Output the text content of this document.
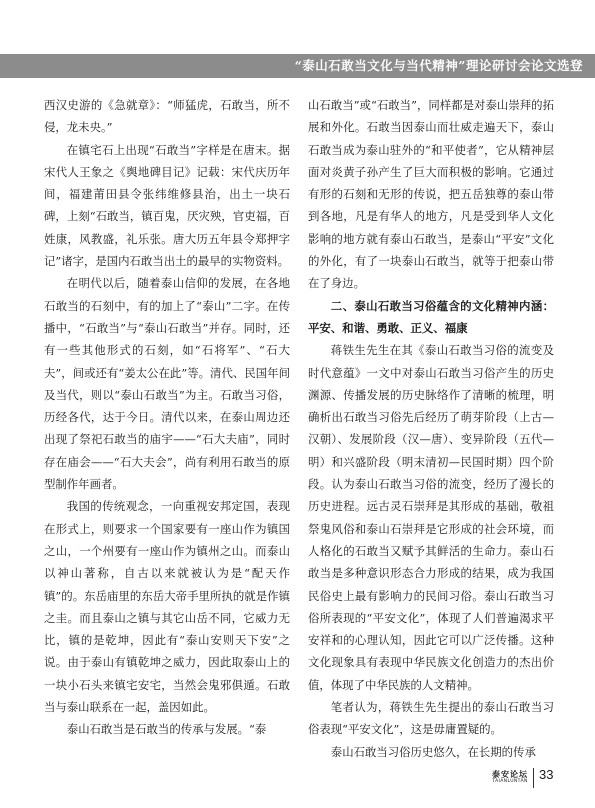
“泰山石敢当文化与当代精神”理论研讨会论文选登

西汉史游的《急就章》：“师猛虎，石敢当，所不侵，龙未央。”

在镇宅石上出现“石敢当”字样是在唐末。据宋代人王象之《舆地碑目记》记载：宋代庆历年间，福建莆田县令张纬维修县治，出土一块石碑，上刻“石敢当，镇百鬼，厌灾殃，官吏福，百姓康，风教盛，礼乐张。唐大历五年县令郑押字记”诸字，是国内石敢当出土的最早的实物资料。

在明代以后，随着泰山信仰的发展，在各地石敢当的石刻中，有的加上了“泰山”二字。在传播中，“石敢当”与“泰山石敢当”并存。同时，还有一些其他形式的石刻，如“石将军”、“石大夫”，间或还有“姜太公在此”等。清代、民国年间及当代，则以“泰山石敢当”为主。石敢当习俗，历经各代，达于今日。清代以来，在泰山周边还出现了祭祀石敢当的庙宇——“石大夫庙”，同时存在庙会——“石大夫会”，尚有利用石敢当的原型制作年画者。

我国的传统观念，一向重视安邦定国，表现在形式上，则要求一个国家要有一座山作为镇国之山，一个州要有一座山作为镇州之山。而泰山以神山著称，自古以来就被认为是“配天作镇”的。东岳庙里的东岳大帝手里所执的就是作镇之圭。而且泰山之镇与其它山岳不同，它威力无比，镇的是乾坤，因此有“泰山安则天下安”之说。由于泰山有镇乾坤之威力，因此取泰山上的一块小石头来镇宅安宅，当然会鬼邪俱遁。石敢当与泰山联系在一起，盖因如此。

泰山石敢当是石敢当的传承与发展。“泰

山石敢当”或“石敢当”，同样都是对泰山崇拜的拓展和外化。石敢当因泰山而壮威走遍天下，泰山石敢当成为泰山驻外的“和平使者”，它从精神层面对炎黄子孙产生了巨大而积极的影响。它通过有形的石刻和无形的传说，把五岳独尊的泰山带到各地，凡是有华人的地方，凡是受到华人文化影响的地方就有泰山石敢当，是泰山“平安”文化的外化，有了一块泰山石敢当，就等于把泰山带在了身边。

二、泰山石敢当习俗蕴含的文化精神内涵：平安、和谐、勇敢、正义、福康

蒋铁生先生在其《泰山石敢当习俗的流变及时代意蕴》一文中对泰山石敢当习俗产生的历史渊源、传播发展的历史脉络作了清晰的梳理，明确析出石敢当习俗先后经历了萌芽阶段（上古—汉朝）、发展阶段（汉—唐）、变异阶段（五代—明）和兴盛阶段（明末清初—民国时期）四个阶段。认为泰山石敢当习俗的流变，经历了漫长的历史进程。远古灵石崇拜是其形成的基础，敬祖祭鬼风俗和泰山石崇拜是它形成的社会环境，而人格化的石敢当又赋予其鲜活的生命力。泰山石敢当是多种意识形态合力形成的结果，成为我国民俗史上最有影响力的民间习俗。泰山石敢当习俗所表现的“平安文化”，体现了人们普遍渴求平安祥和的心理认知，因此它可以广泛传播。这种文化现象具有表现中华民族文化创造力的杰出价值，体现了中华民族的人文精神。

笔者认为，蒋铁生先生提出的泰山石敢当习俗表现“平安文化”，这是毋庸置疑的。

泰山石敢当习俗历史悠久，在长期的传承

泰安论坛
TAIANLUNTAN 33
